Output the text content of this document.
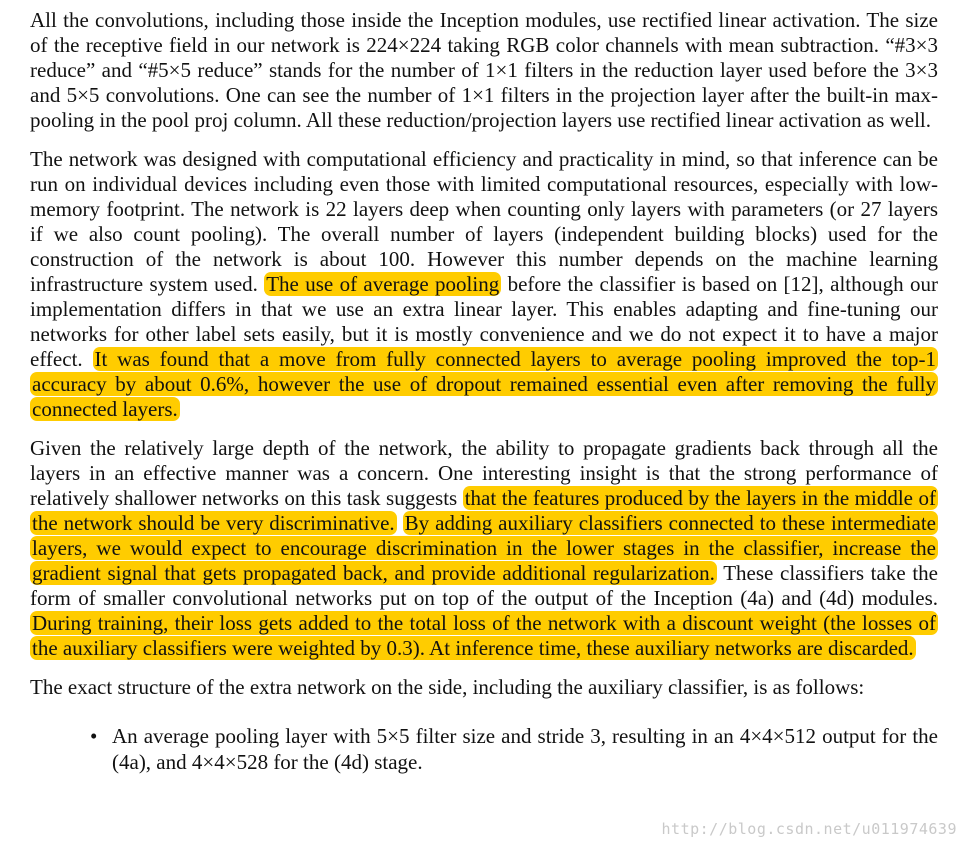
All the convolutions, including those inside the Inception modules, use rectified linear activation. The size of the receptive field in our network is 224×224 taking RGB color channels with mean subtraction. “#3×3 reduce” and “#5×5 reduce” stands for the number of 1×1 filters in the reduction layer used before the 3×3 and 5×5 convolutions. One can see the number of 1×1 filters in the projection layer after the built-in max-pooling in the pool proj column. All these reduction/projection layers use rectified linear activation as well.

The network was designed with computational efficiency and practicality in mind, so that inference can be run on individual devices including even those with limited computational resources, especially with low-memory footprint. The network is 22 layers deep when counting only layers with parameters (or 27 layers if we also count pooling). The overall number of layers (independent building blocks) used for the construction of the network is about 100. However this number depends on the machine learning infrastructure system used. The use of average pooling before the classifier is based on [12], although our implementation differs in that we use an extra linear layer. This enables adapting and fine-tuning our networks for other label sets easily, but it is mostly convenience and we do not expect it to have a major effect. It was found that a move from fully connected layers to average pooling improved the top-1 accuracy by about 0.6%, however the use of dropout remained essential even after removing the fully connected layers.

Given the relatively large depth of the network, the ability to propagate gradients back through all the layers in an effective manner was a concern. One interesting insight is that the strong performance of relatively shallower networks on this task suggests that the features produced by the layers in the middle of the network should be very discriminative. By adding auxiliary classifiers connected to these intermediate layers, we would expect to encourage discrimination in the lower stages in the classifier, increase the gradient signal that gets propagated back, and provide additional regularization. These classifiers take the form of smaller convolutional networks put on top of the output of the Inception (4a) and (4d) modules. During training, their loss gets added to the total loss of the network with a discount weight (the losses of the auxiliary classifiers were weighted by 0.3). At inference time, these auxiliary networks are discarded.

The exact structure of the extra network on the side, including the auxiliary classifier, is as follows:

• An average pooling layer with 5×5 filter size and stride 3, resulting in an 4×4×512 output for the (4a), and 4×4×528 for the (4d) stage.
http://blog.csdn.net/u011974639
